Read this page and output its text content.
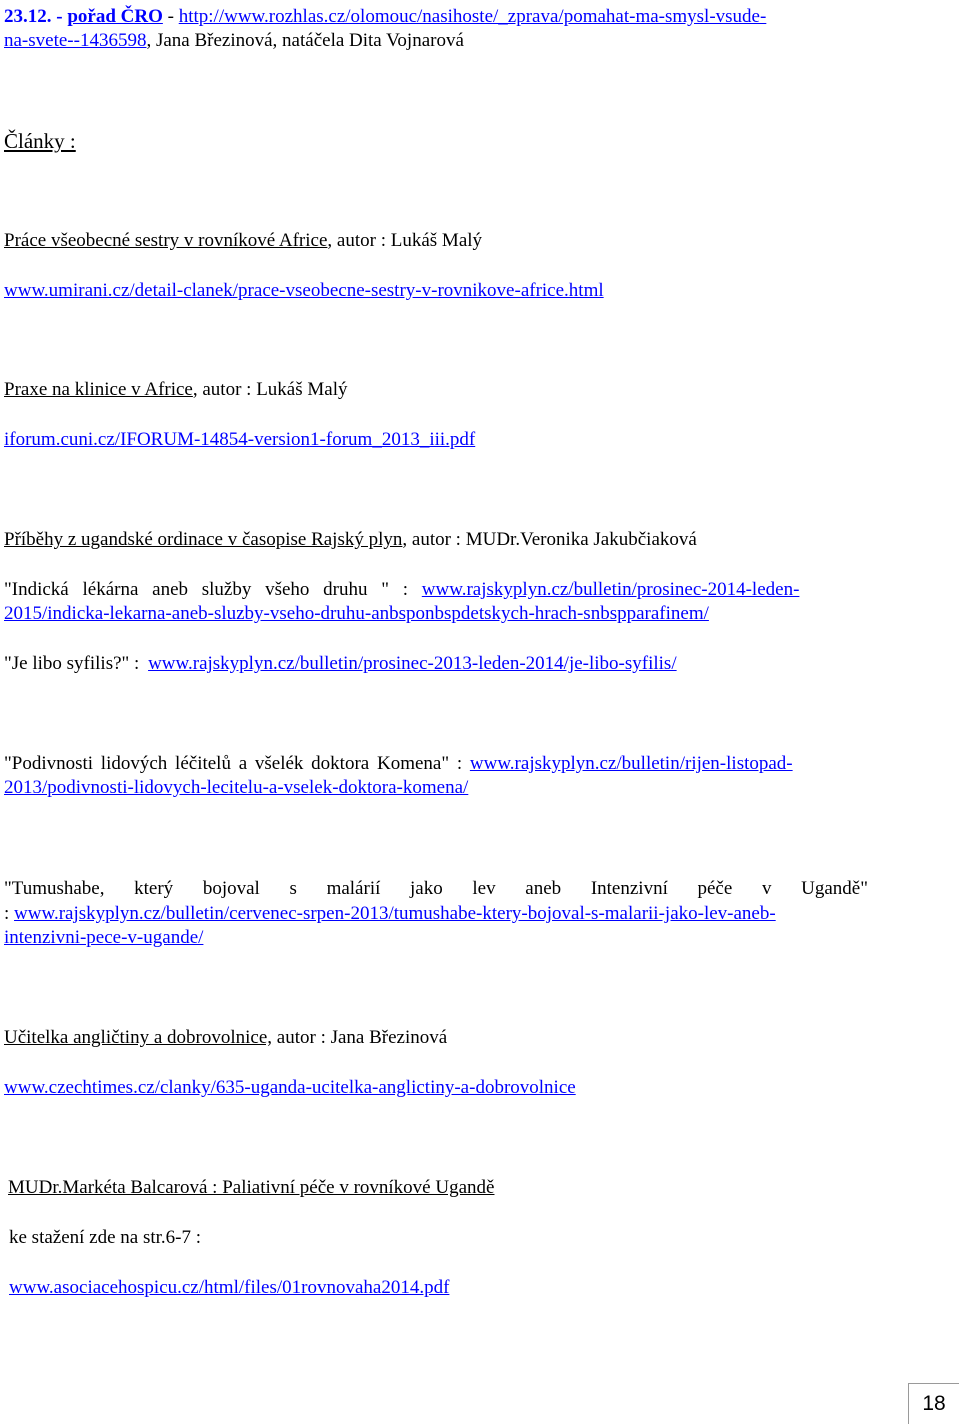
23.12. - pořad ČRO - http://www.rozhlas.cz/olomouc/nasihoste/_zprava/pomahat-ma-smysl-vsude-
na-svete--1436598, Jana Březinová, natáčela Dita Vojnarová
Články :
Práce všeobecné sestry v rovníkové Africe, autor : Lukáš Malý
www.umirani.cz/detail-clanek/prace-vseobecne-sestry-v-rovnikove-africe.html
Praxe na klinice v Africe, autor : Lukáš Malý
iforum.cuni.cz/IFORUM-14854-version1-forum_2013_iii.pdf
Příběhy z ugandské ordinace v časopise Rajský plyn, autor : MUDr.Veronika Jakubčiaková
"Indická lékárna aneb služby všeho druhu " : www.rajskyplyn.cz/bulletin/prosinec-2014-leden-
2015/indicka-lekarna-aneb-sluzby-vseho-druhu-anbsponbspdetskych-hrach-snbspparafinem/
"Je libo syfilis?" : www.rajskyplyn.cz/bulletin/prosinec-2013-leden-2014/je-libo-syfilis/
"Podivnosti lidových léčitelů a všelék doktora Komena" : www.rajskyplyn.cz/bulletin/rijen-listopad-
2013/podivnosti-lidovych-lecitelu-a-vselek-doktora-komena/
"Tumushabe, který bojoval s malárií jako lev aneb Intenzivní péče v Ugandě"
: www.rajskyplyn.cz/bulletin/cervenec-srpen-2013/tumushabe-ktery-bojoval-s-malarii-jako-lev-aneb-
intenzivni-pece-v-ugande/
Učitelka angličtiny a dobrovolnice, autor : Jana Březinová
www.czechtimes.cz/clanky/635-uganda-ucitelka-anglictiny-a-dobrovolnice
MUDr.Markéta Balcarová : Paliativní péče v rovníkové Ugandě
ke stažení zde na str.6-7 :
www.asociacehospicu.cz/html/files/01rovnovaha2014.pdf
18
